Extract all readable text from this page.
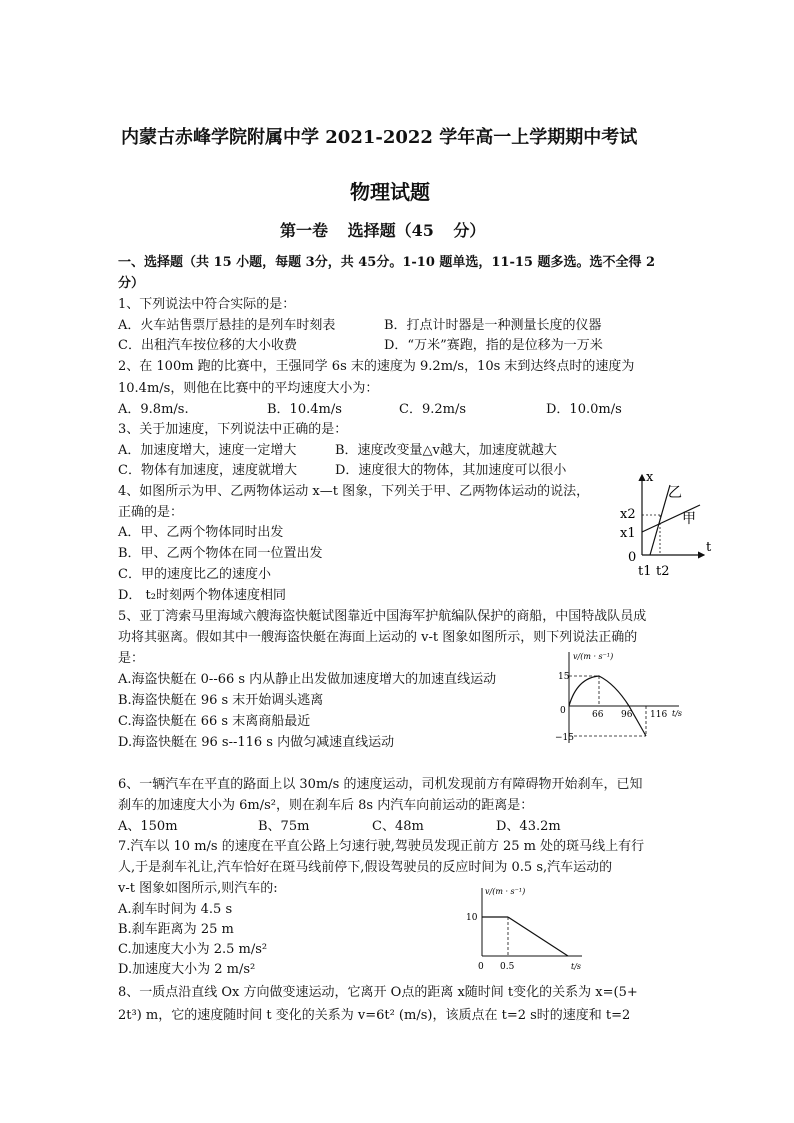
内蒙古赤峰学院附属中学 2021-2022 学年高一上学期期中考试
物理试题
第一卷 选择题（45 分）
一、选择题（共 15 小题，每题 3分，共 45分。1-10 题单选，11-15 题多选。选不全得 2
分）
1、下列说法中符合实际的是：
A．火车站售票厅悬挂的是列车时刻表	B．打点计时器是一种测量长度的仪器
C．出租汽车按位移的大小收费	D．“万米”赛跑，指的是位移为一万米
2、在 100m 跑的比赛中，王强同学 6s 末的速度为 9.2m/s，10s 末到达终点时的速度为
10.4m/s，则他在比赛中的平均速度大小为：
A．9.8m/s.	B．10.4m/s	C．9.2m/s	D．10.0m/s
3、关于加速度，下列说法中正确的是：
A．加速度增大，速度一定增大	B．速度改变量△v越大，加速度就越大
C．物体有加速度，速度就增大	D．速度很大的物体，其加速度可以很小
4、如图所示为甲、乙两物体运动 x—t 图象，下列关于甲、乙两物体运动的说法，
正确的是：
A．甲、乙两个物体同时出发
B．甲、乙两个物体在同一位置出发
C．甲的速度比乙的速度小
D． t₂时刻两个物体速度相同
x
t
0
x2
x1
乙
甲
t1 t2
5、亚丁湾索马里海域六艘海盗快艇试图靠近中国海军护航编队保护的商船，中国特战队员成
功将其驱离。假如其中一艘海盗快艇在海面上运动的 v-t 图象如图所示，则下列说法正确的
是：
A.海盗快艇在 0--66 s 内从静止出发做加速度增大的加速直线运动
B.海盗快艇在 96 s 末开始调头逃离
C.海盗快艇在 66 s 末离商船最近
D.海盗快艇在 96 s--116 s 内做匀减速直线运动
v/(m · s⁻¹)
t/s
15
0
−15
66 96 116
6、一辆汽车在平直的路面上以 30m/s 的速度运动，司机发现前方有障碍物开始刹车，已知
刹车的加速度大小为 6m/s²，则在刹车后 8s 内汽车向前运动的距离是：
A、150m	B、75m	C、48m	D、43.2m
7.汽车以 10 m/s 的速度在平直公路上匀速行驶,驾驶员发现正前方 25 m 处的斑马线上有行
人,于是刹车礼让,汽车恰好在斑马线前停下,假设驾驶员的反应时间为 0.5 s,汽车运动的
v-t 图象如图所示,则汽车的:
A.刹车时间为 4.5 s
B.刹车距离为 25 m
C.加速度大小为 2.5 m/s²
D.加速度大小为 2 m/s²
v/(m · s⁻¹)
t/s
10
0 0.5
8、一质点沿直线 Ox 方向做变速运动，它离开 O点的距离 x随时间 t变化的关系为 x=(5+
2t³) m，它的速度随时间 t 变化的关系为 v=6t² (m/s)，该质点在 t=2 s时的速度和 t=2
